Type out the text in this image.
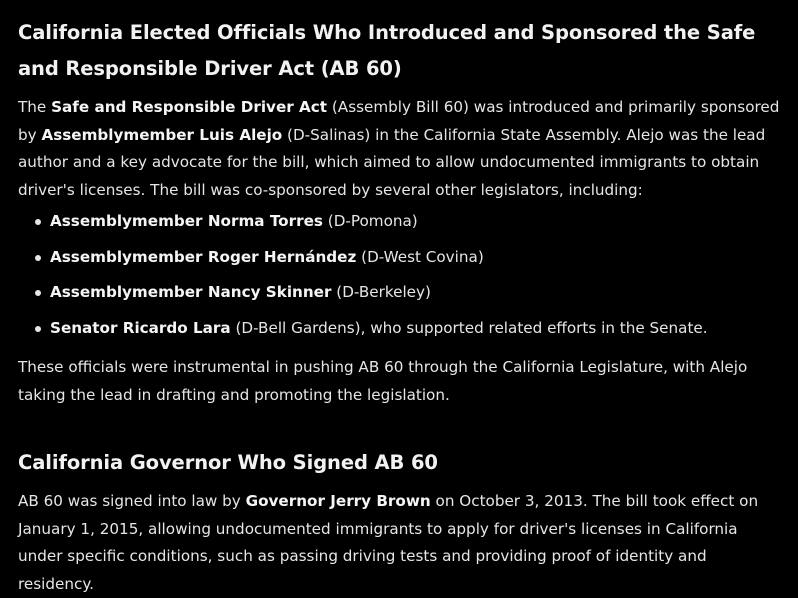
California Elected Officials Who Introduced and Sponsored the Safe and Responsible Driver Act (AB 60)

The Safe and Responsible Driver Act (Assembly Bill 60) was introduced and primarily sponsored by Assemblymember Luis Alejo (D-Salinas) in the California State Assembly. Alejo was the lead author and a key advocate for the bill, which aimed to allow undocumented immigrants to obtain driver's licenses. The bill was co-sponsored by several other legislators, including:

Assemblymember Norma Torres (D-Pomona)
Assemblymember Roger Hernández (D-West Covina)
Assemblymember Nancy Skinner (D-Berkeley)
Senator Ricardo Lara (D-Bell Gardens), who supported related efforts in the Senate.

These officials were instrumental in pushing AB 60 through the California Legislature, with Alejo taking the lead in drafting and promoting the legislation.

California Governor Who Signed AB 60

AB 60 was signed into law by Governor Jerry Brown on October 3, 2013. The bill took effect on January 1, 2015, allowing undocumented immigrants to apply for driver's licenses in California under specific conditions, such as passing driving tests and providing proof of identity and residency.
